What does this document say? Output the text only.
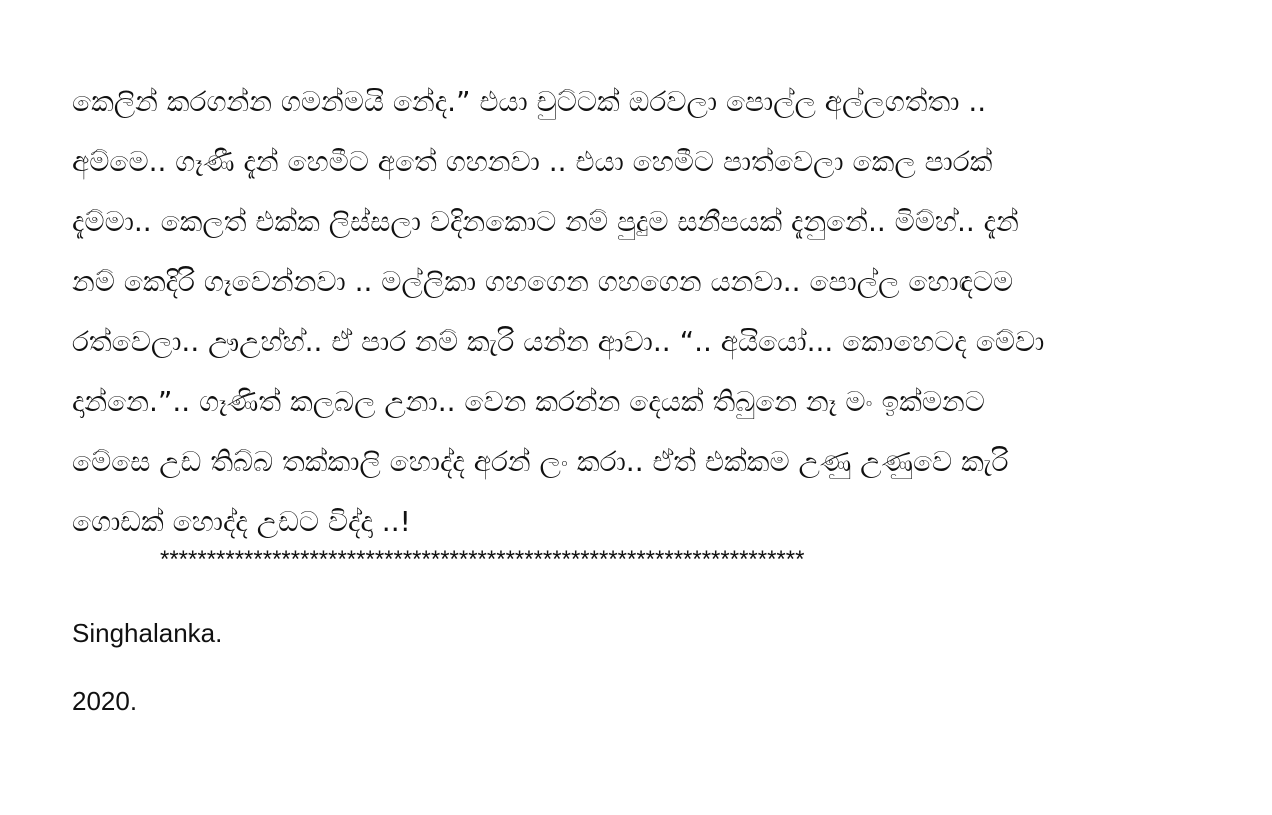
කෙලින් කරගන්න ගමන්මයි නේද.” එයා චුට්ටක් ඔරවලා පොල්ල අල්ලගත්තා ..
අම්මෙ.. ගෑණී දැන් හෙමීට අතේ ගහනවා .. එයා හෙමීට පාත්වෙලා කෙල පාරක්
දැම්මා.. කෙලත් එක්ක ලිස්සලා වදිනකොට නම් පුදුම සනීපයක් දැනුනේ.. මිම්හ්.. දැන්
නම් කෙදිරි ගෑවෙන්නවා .. මල්ලිකා ගහගෙන ගහගෙන යනවා.. පොල්ල හොඳටම
රත්වෙලා.. ඌඋහ්හ්.. ඒ පාර නම් කැරි යන්න ආවා.. “.. අයියෝ... කොහෙටද මේවා
දාන්නෙ.”.. ගෑණිත් කලබල උනා.. වෙන කරන්න දෙයක් තිබුනෙ නෑ මං ඉක්මනට
මේසෙ උඩ තිබ්බ තක්කාලි හොද්ද අරන් ලං කරා.. ඒත් එක්කම උණු උණුවෙ කැරි
ගොඩක් හොද්ද උඩට විද්දා ..!
*********************************************************************
Singhalanka.
2020.
